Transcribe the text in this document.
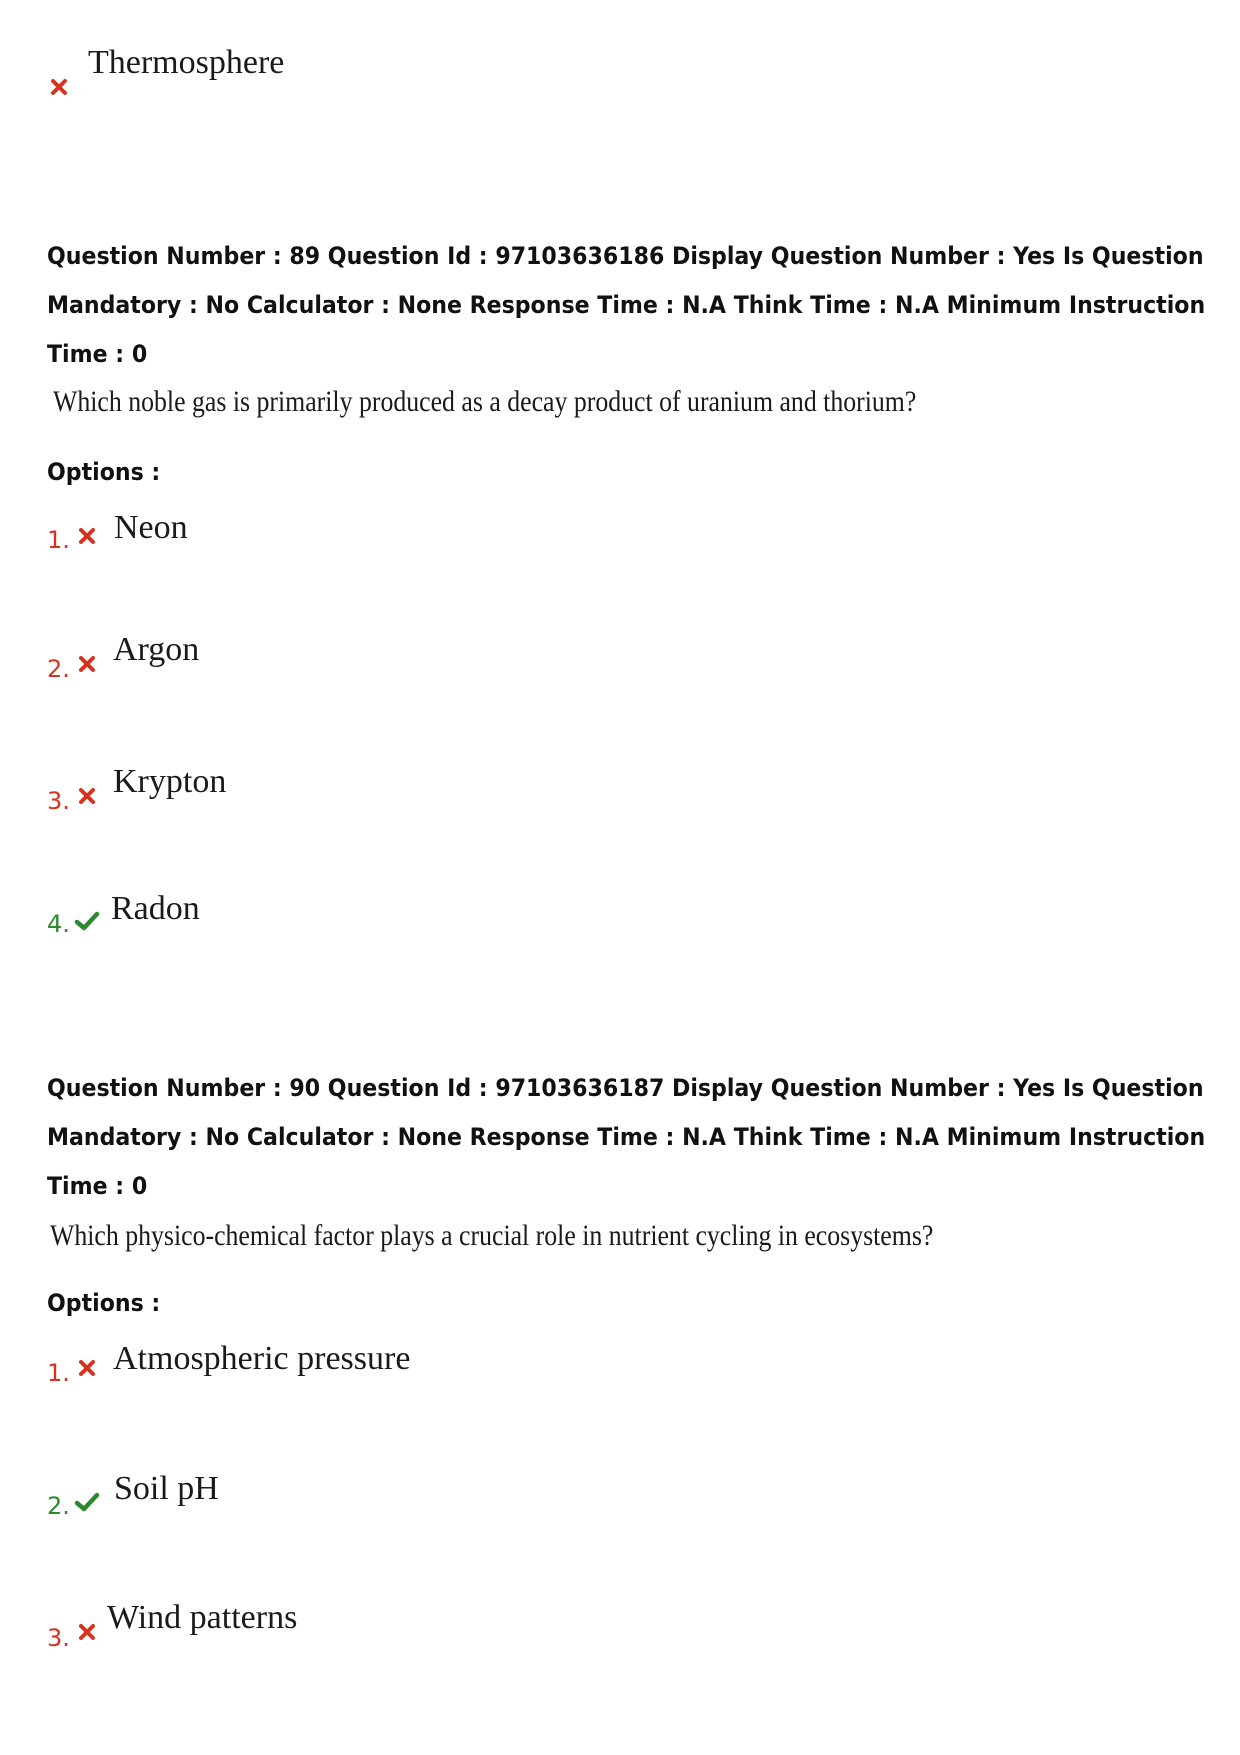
Thermosphere
Question Number : 89 Question Id : 97103636186 Display Question Number : Yes Is Question
Mandatory : No Calculator : None Response Time : N.A Think Time : N.A Minimum Instruction
Time : 0
Which noble gas is primarily produced as a decay product of uranium and thorium?
Options :
1. Neon
2.
Argon
3.
Krypton
4. Radon
Question Number : 90 Question Id : 97103636187 Display Question Number : Yes Is Question
Mandatory : No Calculator : None Response Time : N.A Think Time : N.A Minimum Instruction
Time : 0
Which physico-chemical factor plays a crucial role in nutrient cycling in ecosystems?
Options :
1. Atmospheric pressure
2. Soil pH
3.
Wind patterns
